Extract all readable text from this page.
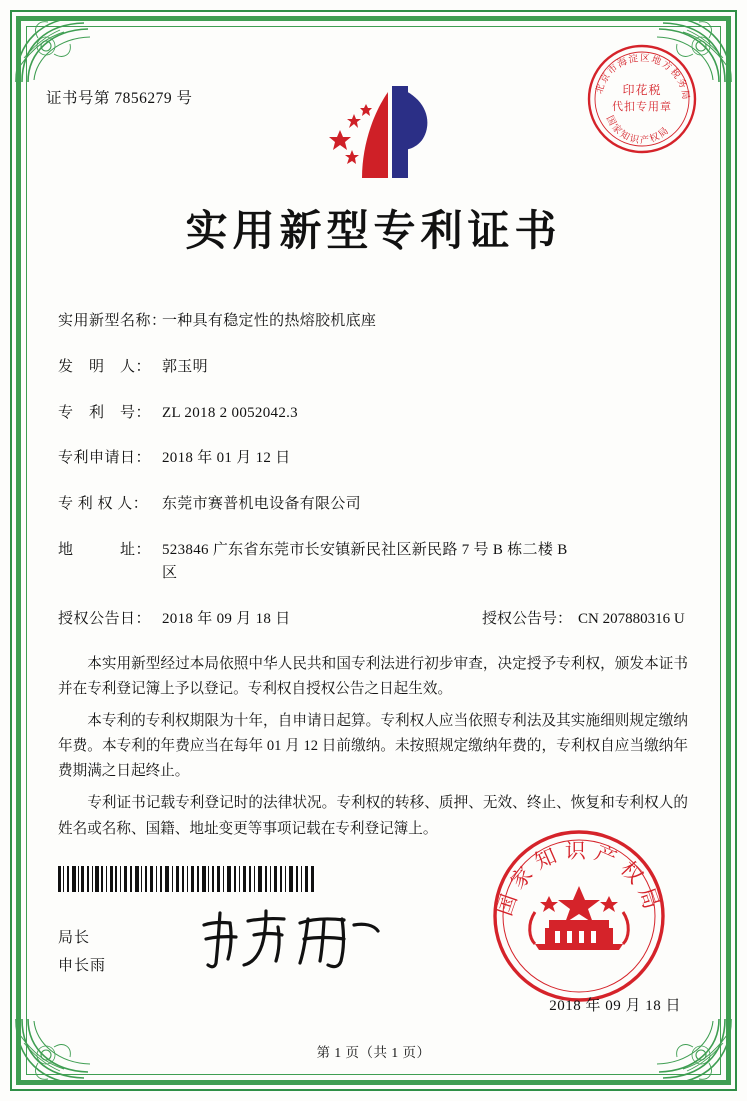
证书号第 7856279 号
北京市海淀区地方税务局
国家知识产权局
印花税
代扣专用章
实用新型专利证书
实用新型名称：
一种具有稳定性的热熔胶机底座
发　明　人： 郭玉明
专　利　号： ZL 2018 2 0052042.3
专利申请日： 2018 年 01 月 12 日
专 利 权 人： 东莞市赛普机电设备有限公司
地　　　址： 523846 广东省东莞市长安镇新民社区新民路 7 号 B 栋二楼 B
区
授权公告日： 2018 年 09 月 18 日	授权公告号： CN 207880316 U

本实用新型经过本局依照中华人民共和国专利法进行初步审查，决定授予专利权，颁发本证书并在专利登记簿上予以登记。专利权自授权公告之日起生效。

本专利的专利权期限为十年，自申请日起算。专利权人应当依照专利法及其实施细则规定缴纳年费。本专利的年费应当在每年 01 月 12 日前缴纳。未按照规定缴纳年费的，专利权自应当缴纳年费期满之日起终止。

专利证书记载专利登记时的法律状况。专利权的转移、质押、无效、终止、恢复和专利权人的姓名或名称、国籍、地址变更等事项记载在专利登记簿上。

局长
申长雨
国家知识产权局
2018 年 09 月 18 日
第 1 页（共 1 页）
